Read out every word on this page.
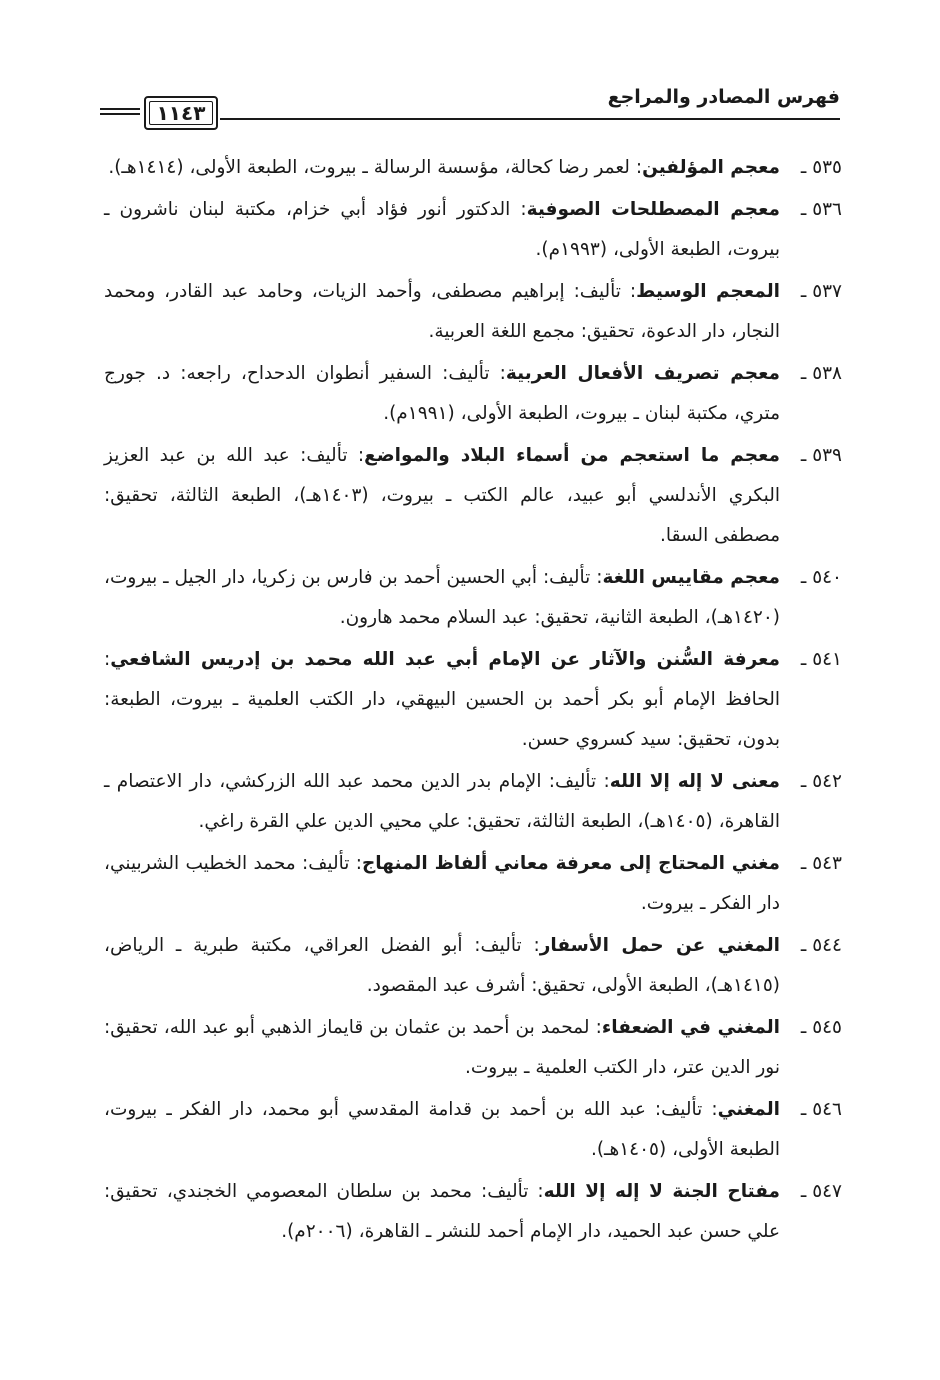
فهرس المصادر والمراجع
١١٤٣
٥٣٥ ـ
معجم المؤلفين: لعمر رضا كحالة، مؤسسة الرسالة ـ بيروت، الطبعة الأولى، (١٤١٤هـ).
٥٣٦ ـ
معجم المصطلحات الصوفية: الدكتور أنور فؤاد أبي خزام، مكتبة لبنان ناشرون ـ بيروت، الطبعة الأولى، (١٩٩٣م).
٥٣٧ ـ
المعجم الوسيط: تأليف: إبراهيم مصطفى، وأحمد الزيات، وحامد عبد القادر، ومحمد النجار، دار الدعوة، تحقيق: مجمع اللغة العربية.
٥٣٨ ـ
معجم تصريف الأفعال العربية: تأليف: السفير أنطوان الدحداح، راجعه: د. جورج متري، مكتبة لبنان ـ بيروت، الطبعة الأولى، (١٩٩١م).
٥٣٩ ـ
معجم ما استعجم من أسماء البلاد والمواضع: تأليف: عبد الله بن عبد العزيز البكري الأندلسي أبو عبيد، عالم الكتب ـ بيروت، (١٤٠٣هـ)، الطبعة الثالثة، تحقيق: مصطفى السقا.
٥٤٠ ـ
معجم مقاييس اللغة: تأليف: أبي الحسين أحمد بن فارس بن زكريا، دار الجيل ـ بيروت، (١٤٢٠هـ)، الطبعة الثانية، تحقيق: عبد السلام محمد هارون.
٥٤١ ـ
معرفة السُّنن والآثار عن الإمام أبي عبد الله محمد بن إدريس الشافعي: الحافظ الإمام أبو بكر أحمد بن الحسين البيهقي، دار الكتب العلمية ـ بيروت، الطبعة: بدون، تحقيق: سيد كسروي حسن.
٥٤٢ ـ
معنى لا إله إلا الله: تأليف: الإمام بدر الدين محمد عبد الله الزركشي، دار الاعتصام ـ القاهرة، (١٤٠٥هـ)، الطبعة الثالثة، تحقيق: علي محيي الدين علي القرة راغي.
٥٤٣ ـ
مغني المحتاج إلى معرفة معاني ألفاظ المنهاج: تأليف: محمد الخطيب الشربيني، دار الفكر ـ بيروت.
٥٤٤ ـ
المغني عن حمل الأسفار: تأليف: أبو الفضل العراقي، مكتبة طبرية ـ الرياض، (١٤١٥هـ)، الطبعة الأولى، تحقيق: أشرف عبد المقصود.
٥٤٥ ـ
المغني في الضعفاء: لمحمد بن أحمد بن عثمان بن قايماز الذهبي أبو عبد الله، تحقيق: نور الدين عتر، دار الكتب العلمية ـ بيروت.
٥٤٦ ـ
المغني: تأليف: عبد الله بن أحمد بن قدامة المقدسي أبو محمد، دار الفكر ـ بيروت، الطبعة الأولى، (١٤٠٥هـ).
٥٤٧ ـ
مفتاح الجنة لا إله إلا الله: تأليف: محمد بن سلطان المعصومي الخجندي، تحقيق: علي حسن عبد الحميد، دار الإمام أحمد للنشر ـ القاهرة، (٢٠٠٦م).
